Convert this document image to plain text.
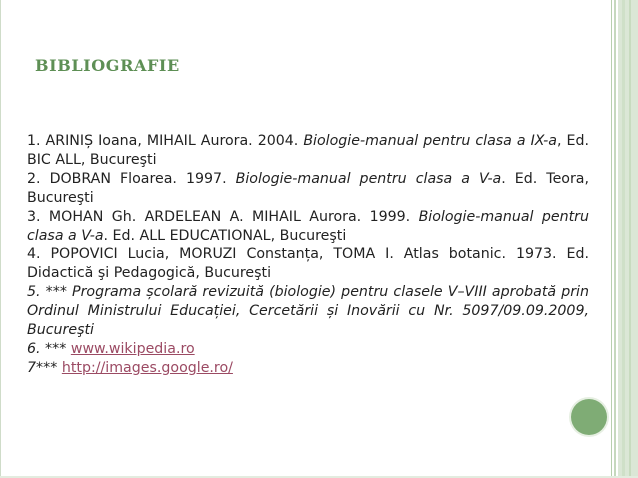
BIBLIOGRAFIE

1. ARINIȘ Ioana, MIHAIL Aurora. 2004. Biologie-manual pentru clasa a IX-a, Ed. BIC ALL, Bucureşti

2. DOBRAN Floarea. 1997. Biologie-manual pentru clasa a V-a. Ed. Teora, Bucureşti

3. MOHAN Gh. ARDELEAN A. MIHAIL Aurora. 1999. Biologie-manual pentru clasa a V-a. Ed. ALL EDUCATIONAL, Bucureşti

4. POPOVICI Lucia, MORUZI Constanța, TOMA I. Atlas botanic. 1973. Ed. Didactică şi Pedagogică, Bucureşti

5. *** Programa școlară revizuită (biologie) pentru clasele V–VIII aprobată prin Ordinul Ministrului Educației, Cercetării și Inovării cu Nr. 5097/09.09.2009, Bucureşti

6. *** www.wikipedia.ro

7*** http://images.google.ro/
